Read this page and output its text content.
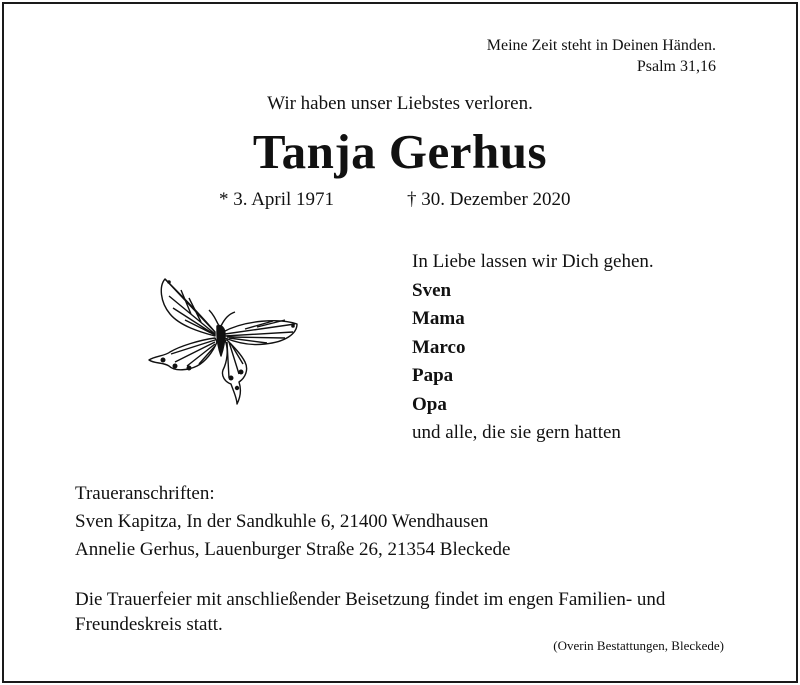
Meine Zeit steht in Deinen Händen.
Psalm 31,16
Wir haben unser Liebstes verloren.
Tanja Gerhus
* 3. April 1971	† 30. Dezember 2020
In Liebe lassen wir Dich gehen.
Sven
Mama
Marco
Papa
Opa
und alle, die sie gern hatten
Traueranschriften:
Sven Kapitza, In der Sandkuhle 6, 21400 Wendhausen
Annelie Gerhus, Lauenburger Straße 26, 21354 Bleckede
Die Trauerfeier mit anschließender Beisetzung findet im engen Familien- und
Freundeskreis statt.
(Overin Bestattungen, Bleckede)
